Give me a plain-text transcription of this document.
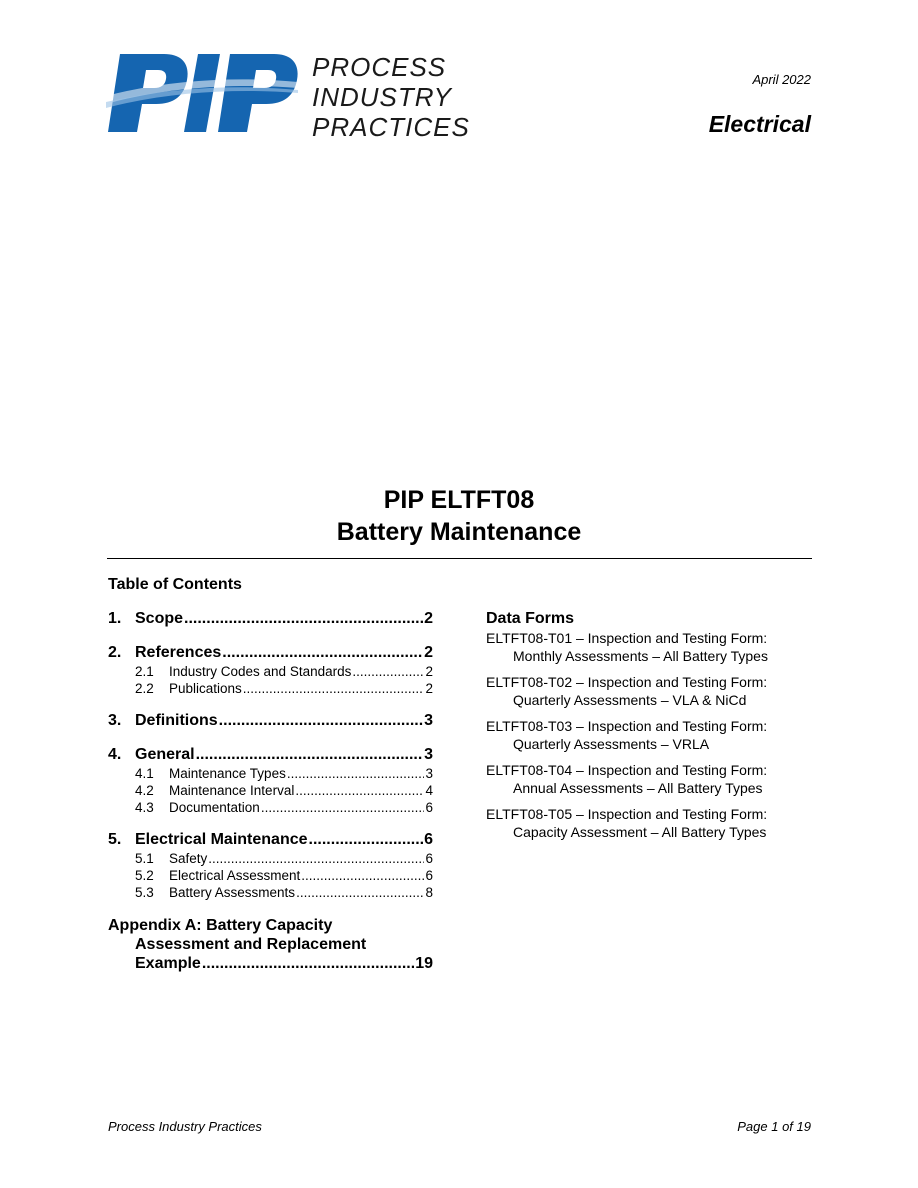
PROCESS
INDUSTRY
PRACTICES
April 2022
Electrical
PIP ELTFT08
Battery Maintenance
Table of Contents
1. Scope .....	2
2. References .....	2
2.1	Industry Codes and Standards .....	2
2.2	Publications .....	2
3. Definitions .....	3
4. General .....	3
4.1	Maintenance Types .....	3
4.2	Maintenance Interval .....	4
4.3	Documentation .....	6
5. Electrical Maintenance .....	6
5.1	Safety .....	6
5.2	Electrical Assessment .....	6
5.3	Battery Assessments .....	8
Appendix A: Battery Capacity
Assessment and Replacement
Example .....	19
Data Forms
ELTFT08-T01 – Inspection and Testing Form:
Monthly Assessments – All Battery Types
ELTFT08-T02 – Inspection and Testing Form:
Quarterly Assessments – VLA & NiCd
ELTFT08-T03 – Inspection and Testing Form:
Quarterly Assessments – VRLA
ELTFT08-T04 – Inspection and Testing Form:
Annual Assessments – All Battery Types
ELTFT08-T05 – Inspection and Testing Form:
Capacity Assessment – All Battery Types
Process Industry Practices	Page 1 of 19
